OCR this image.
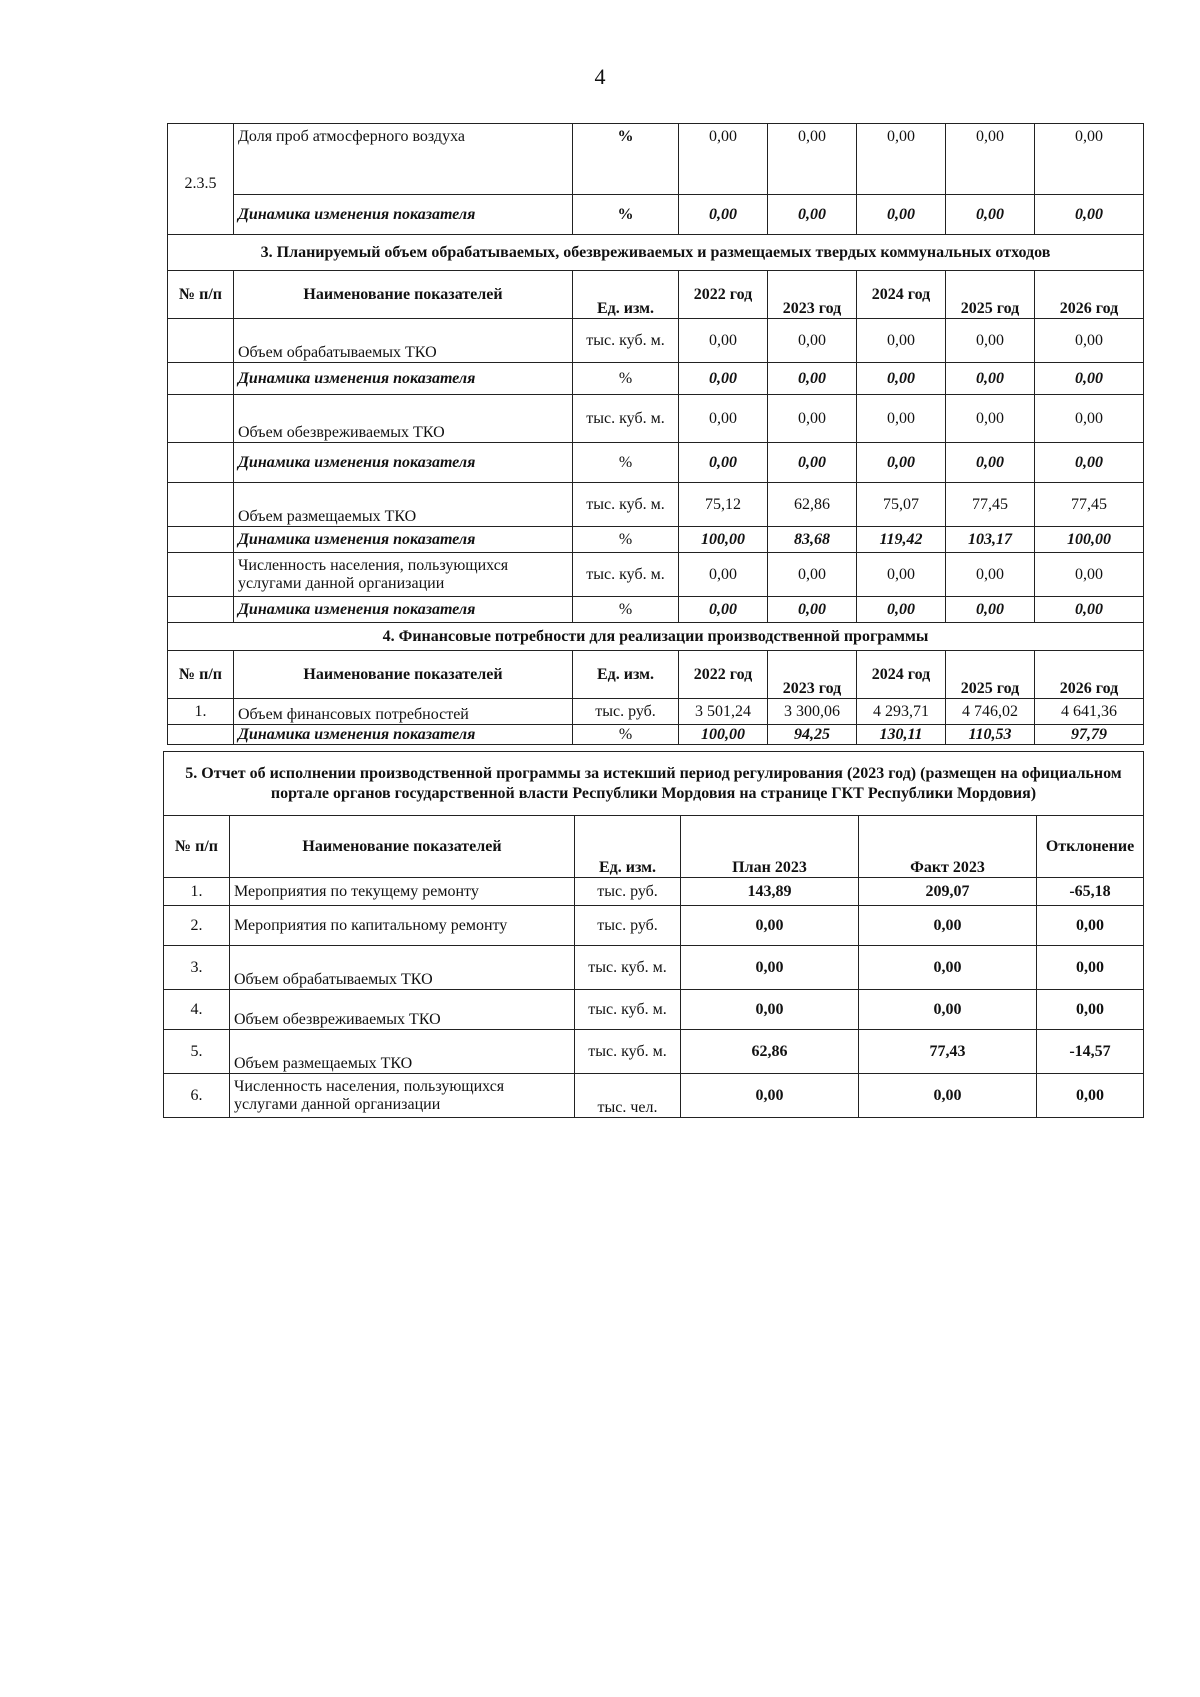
4
2.3.5	Доля проб атмосферного воздуха	%	0,00	0,00	0,00	0,00	0,00
	Динамика изменения показателя	%	0,00	0,00	0,00	0,00	0,00
3. Планируемый объем обрабатываемых, обезвреживаемых и размещаемых твердых коммунальных отходов							
№ п/п	Наименование показателей	Ед. изм.	2022 год	2023 год	2024 год	2025 год	2026 год
	Объем обрабатываемых ТКО	тыс. куб. м.	0,00	0,00	0,00	0,00	0,00
	Динамика изменения показателя	%	0,00	0,00	0,00	0,00	0,00
	Объем обезвреживаемых ТКО	тыс. куб. м.	0,00	0,00	0,00	0,00	0,00
	Динамика изменения показателя	%	0,00	0,00	0,00	0,00	0,00
	Объем размещаемых ТКО	тыс. куб. м.	75,12	62,86	75,07	77,45	77,45
	Динамика изменения показателя	%	100,00	83,68	119,42	103,17	100,00
	Численность населения, пользующихся услугами данной организации	тыс. куб. м.	0,00	0,00	0,00	0,00	0,00
	Динамика изменения показателя	%	0,00	0,00	0,00	0,00	0,00
4. Финансовые потребности для реализации производственной программы							
№ п/п	Наименование показателей	Ед. изм.	2022 год	2023 год	2024 год	2025 год	2026 год
1.	Объем финансовых потребностей	тыс. руб.	3 501,24	3 300,06	4 293,71	4 746,02	4 641,36
	Динамика изменения показателя	%	100,00	94,25	130,11	110,53	97,79
5. Отчет об исполнении производственной программы за истекший период регулирования (2023 год) (размещен на официальном портале органов государственной власти Республики Мордовия на странице ГКТ Республики Мордовия)					
№ п/п	Наименование показателей	Ед. изм.	План 2023	Факт 2023	Отклонение
1.	Мероприятия по текущему ремонту	тыс. руб.	143,89	209,07	-65,18
2.	Мероприятия по капитальному ремонту	тыс. руб.	0,00	0,00	0,00
3.	Объем обрабатываемых ТКО	тыс. куб. м.	0,00	0,00	0,00
4.	Объем обезвреживаемых ТКО	тыс. куб. м.	0,00	0,00	0,00
5.	Объем размещаемых ТКО	тыс. куб. м.	62,86	77,43	-14,57
6.	Численность населения, пользующихся услугами данной организации	тыс. чел.	0,00	0,00	0,00
